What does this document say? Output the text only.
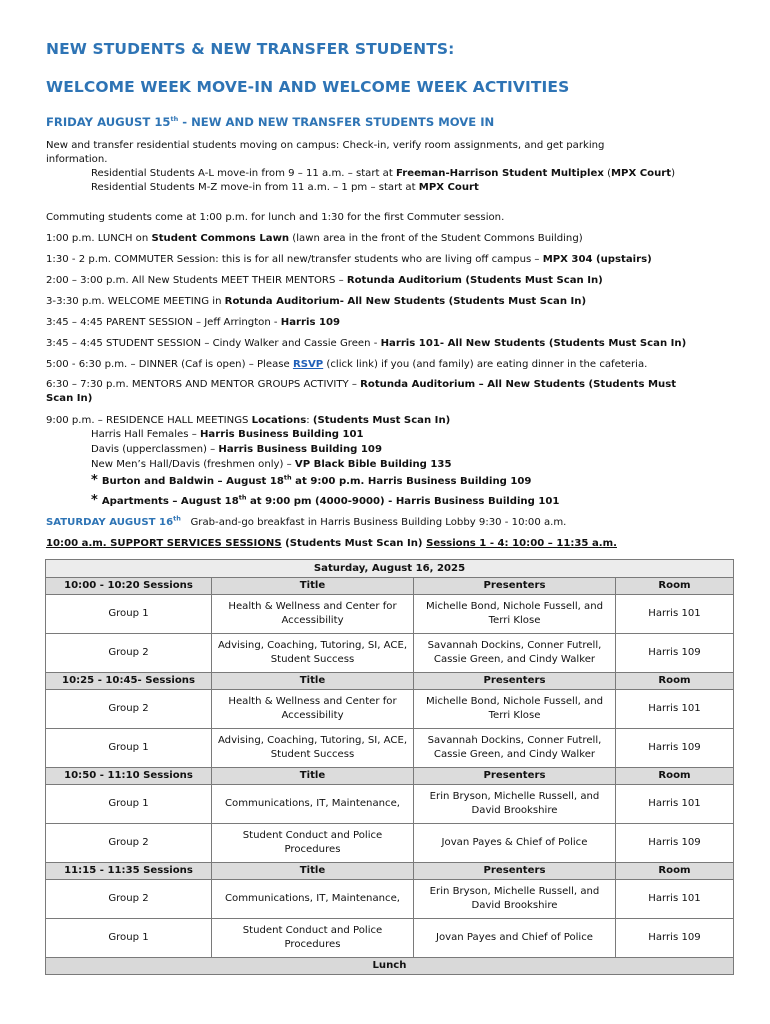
NEW STUDENTS & NEW TRANSFER STUDENTS:
WELCOME WEEK MOVE-IN AND WELCOME WEEK ACTIVITIES
FRIDAY AUGUST 15th - NEW AND NEW TRANSFER STUDENTS MOVE IN
New and transfer residential students moving on campus: Check-in, verify room assignments, and get parking
information.
Residential Students A-L move-in from 9 – 11 a.m. – start at Freeman-Harrison Student Multiplex (MPX Court)
Residential Students M-Z move-in from 11 a.m. – 1 pm – start at MPX Court
Commuting students come at 1:00 p.m. for lunch and 1:30 for the first Commuter session.
1:00 p.m. LUNCH on Student Commons Lawn (lawn area in the front of the Student Commons Building)
1:30 - 2 p.m. COMMUTER Session: this is for all new/transfer students who are living off campus – MPX 304 (upstairs)
2:00 – 3:00 p.m. All New Students MEET THEIR MENTORS – Rotunda Auditorium (Students Must Scan In)
3-3:30 p.m. WELCOME MEETING in Rotunda Auditorium- All New Students (Students Must Scan In)
3:45 – 4:45 PARENT SESSION – Jeff Arrington - Harris 109
3:45 – 4:45 STUDENT SESSION – Cindy Walker and Cassie Green - Harris 101- All New Students (Students Must Scan In)
5:00 - 6:30 p.m. – DINNER (Caf is open) – Please RSVP (click link) if you (and family) are eating dinner in the cafeteria.
6:30 – 7:30 p.m. MENTORS AND MENTOR GROUPS ACTIVITY – Rotunda Auditorium – All New Students (Students Must
Scan In)
9:00 p.m. – RESIDENCE HALL MEETINGS Locations: (Students Must Scan In)
Harris Hall Females – Harris Business Building 101
Davis (upperclassmen) – Harris Business Building 109
New Men’s Hall/Davis (freshmen only) – VP Black Bible Building 135
* Burton and Baldwin – August 18th at 9:00 p.m. Harris Business Building 109
* Apartments – August 18th at 9:00 pm (4000-9000) - Harris Business Building 101
SATURDAY AUGUST 16th Grab-and-go breakfast in Harris Business Building Lobby 9:30 - 10:00 a.m.
10:00 a.m. SUPPORT SERVICES SESSIONS (Students Must Scan In) Sessions 1 - 4: 10:00 – 11:35 a.m.
Saturday, August 16, 2025			
10:00 - 10:20 Sessions	Title	Presenters	Room
Group 1	Health & Wellness and Center for Accessibility	Michelle Bond, Nichole Fussell, and Terri Klose	Harris 101
Group 2	Advising, Coaching, Tutoring, SI, ACE, Student Success	Savannah Dockins, Conner Futrell, Cassie Green, and Cindy Walker	Harris 109
10:25 - 10:45- Sessions	Title	Presenters	Room
Group 2	Health & Wellness and Center for Accessibility	Michelle Bond, Nichole Fussell, and Terri Klose	Harris 101
Group 1	Advising, Coaching, Tutoring, SI, ACE, Student Success	Savannah Dockins, Conner Futrell, Cassie Green, and Cindy Walker	Harris 109
10:50 - 11:10 Sessions	Title	Presenters	Room
Group 1	Communications, IT, Maintenance,	Erin Bryson, Michelle Russell, and David Brookshire	Harris 101
Group 2	Student Conduct and Police Procedures	Jovan Payes & Chief of Police	Harris 109
11:15 - 11:35 Sessions	Title	Presenters	Room
Group 2	Communications, IT, Maintenance,	Erin Bryson, Michelle Russell, and David Brookshire	Harris 101
Group 1	Student Conduct and Police Procedures	Jovan Payes and Chief of Police	Harris 109
Lunch			
